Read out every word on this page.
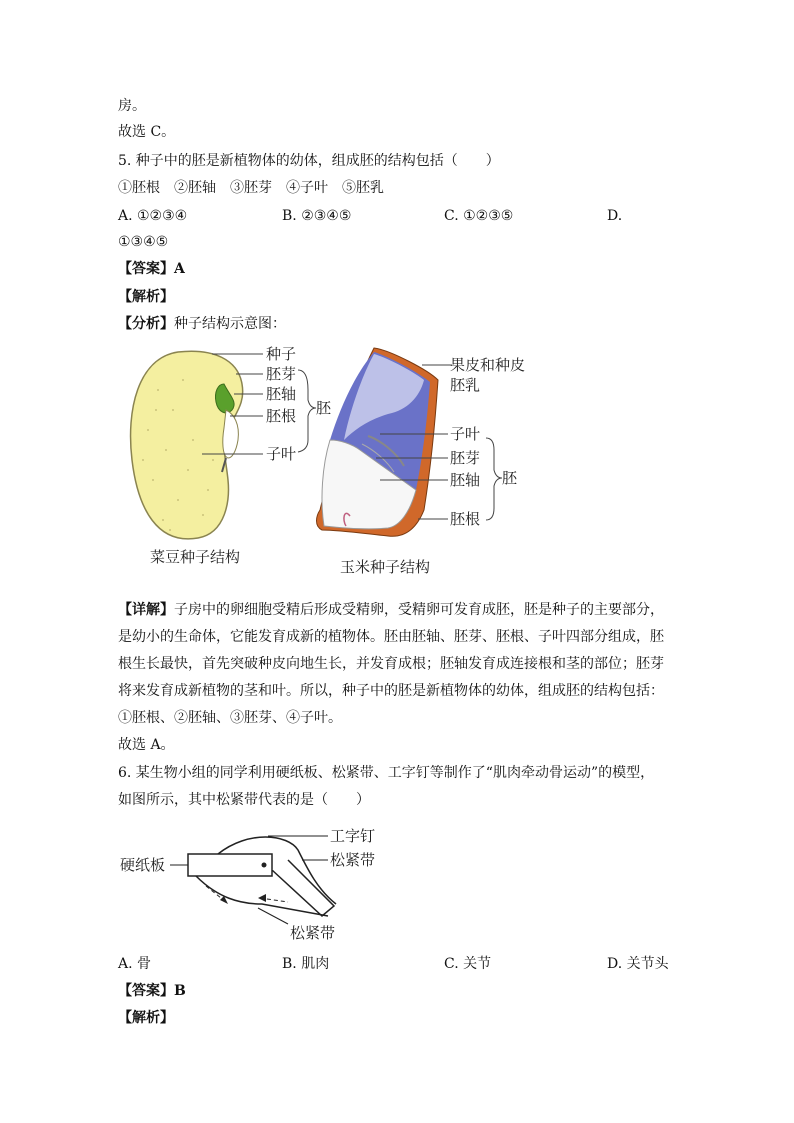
房。
故选 C。
5. 种子中的胚是新植物体的幼体，组成胚的结构包括（　　）
①胚根　②胚轴　③胚芽　④子叶　⑤胚乳
A. ①②③④	B. ②③④⑤	C. ①②③⑤	D.
①③④⑤
【答案】A
【解析】
【分析】种子结构示意图：
种子
胚芽
胚轴
胚根 胚
子叶
菜豆种子结构
果皮和种皮
胚乳
子叶
胚芽
胚轴 胚
胚根
玉米种子结构
【详解】子房中的卵细胞受精后形成受精卵，受精卵可发育成胚，胚是种子的主要部分，
是幼小的生命体，它能发育成新的植物体。胚由胚轴、胚芽、胚根、子叶四部分组成，胚
根生长最快，首先突破种皮向地生长，并发育成根；胚轴发育成连接根和茎的部位；胚芽
将来发育成新植物的茎和叶。所以，种子中的胚是新植物体的幼体，组成胚的结构包括：
①胚根、②胚轴、③胚芽、④子叶。
故选 A。
6. 某生物小组的同学利用硬纸板、松紧带、工字钉等制作了“肌肉牵动骨运动”的模型，
如图所示，其中松紧带代表的是（　　）
硬纸板
工字钉
松紧带
松紧带
A. 骨	B. 肌肉	C. 关节	D. 关节头
【答案】B
【解析】
